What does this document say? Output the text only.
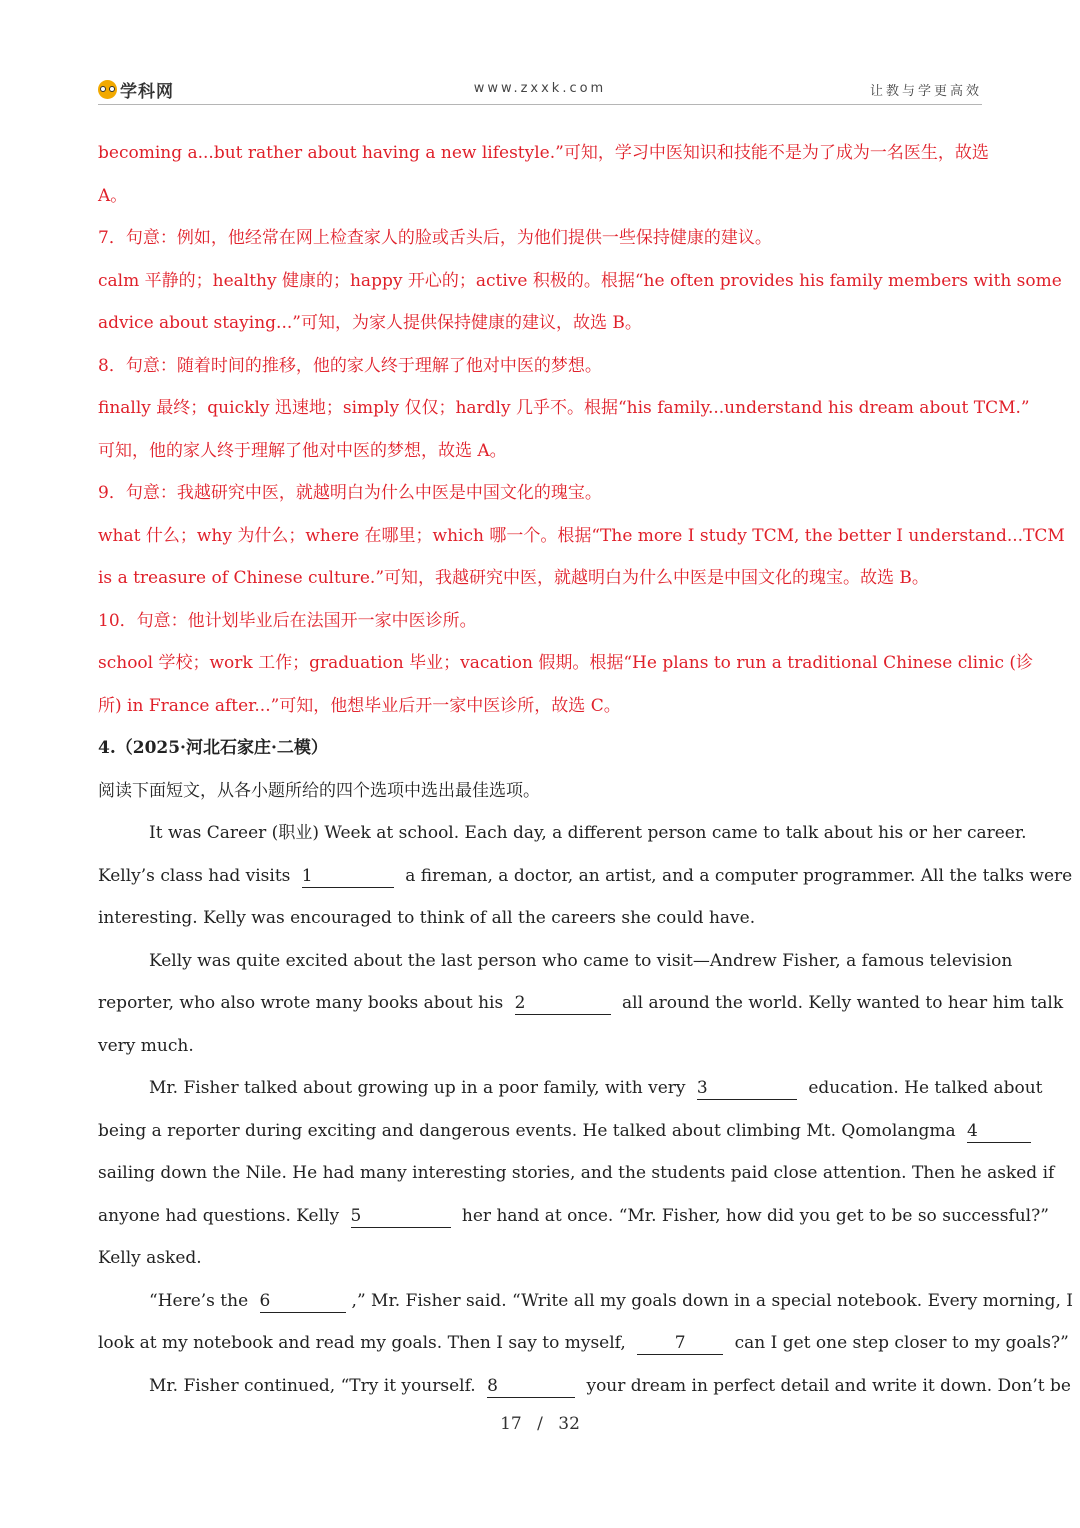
学科网	www.zxxk.com	让教与学更高效
becoming a...but rather about having a new lifestyle.”可知，学习中医知识和技能不是为了成为一名医生，故选
A。
7．句意：例如，他经常在网上检查家人的脸或舌头后，为他们提供一些保持健康的建议。
calm 平静的；healthy 健康的；happy 开心的；active 积极的。根据“he often provides his family members with some
advice about staying...”可知，为家人提供保持健康的建议，故选 B。
8．句意：随着时间的推移，他的家人终于理解了他对中医的梦想。
finally 最终；quickly 迅速地；simply 仅仅；hardly 几乎不。根据“his family...understand his dream about TCM.”
可知，他的家人终于理解了他对中医的梦想，故选 A。
9．句意：我越研究中医，就越明白为什么中医是中国文化的瑰宝。
what 什么；why 为什么；where 在哪里；which 哪一个。根据“The more I study TCM, the better I understand...TCM
is a treasure of Chinese culture.”可知，我越研究中医，就越明白为什么中医是中国文化的瑰宝。故选 B。
10．句意：他计划毕业后在法国开一家中医诊所。
school 学校；work 工作；graduation 毕业；vacation 假期。根据“He plans to run a traditional Chinese clinic (诊
所) in France after...”可知，他想毕业后开一家中医诊所，故选 C。
4.（2025·河北石家庄·二模）
阅读下面短文，从各小题所给的四个选项中选出最佳选项。
It was Career (职业) Week at school. Each day, a different person came to talk about his or her career.
Kelly’s class had visits 1	a fireman, a doctor, an artist, and a computer programmer. All the talks were
interesting. Kelly was encouraged to think of all the careers she could have.
Kelly was quite excited about the last person who came to visit—Andrew Fisher, a famous television
reporter, who also wrote many books about his 2	all around the world. Kelly wanted to hear him talk
very much.
Mr. Fisher talked about growing up in a poor family, with very 3	education. He talked about
being a reporter during exciting and dangerous events. He talked about climbing Mt. Qomolangma 4
sailing down the Nile. He had many interesting stories, and the students paid close attention. Then he asked if
anyone had questions. Kelly 5	her hand at once. “Mr. Fisher, how did you get to be so successful?”
Kelly asked.
“Here’s the 6	,” Mr. Fisher said. “Write all my goals down in a special notebook. Every morning, I
look at my notebook and read my goals. Then I say to myself,	7	can I get one step closer to my goals?”
Mr. Fisher continued, “Try it yourself. 8	your dream in perfect detail and write it down. Don’t be
17 / 32
